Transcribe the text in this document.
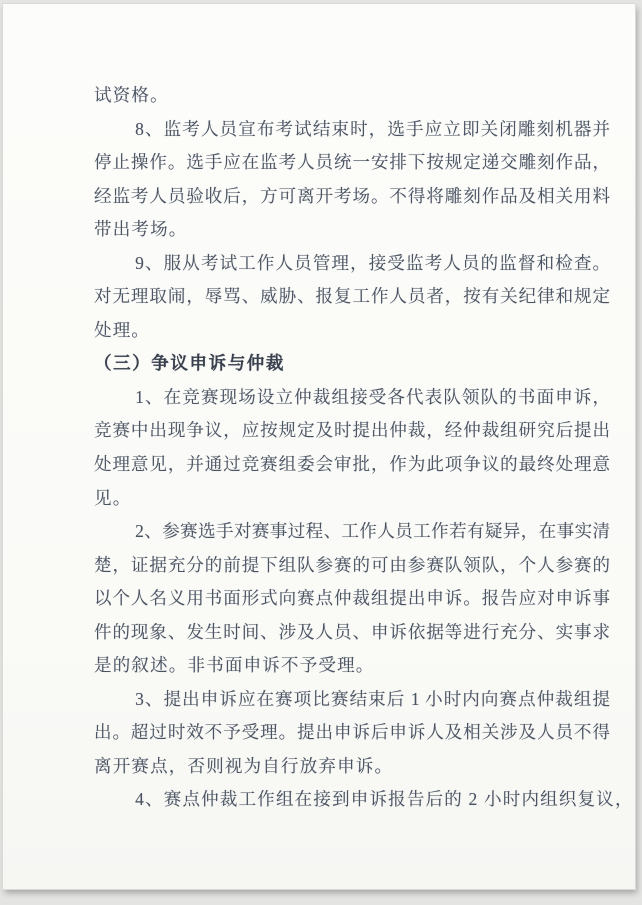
试资格。
8、监考人员宣布考试结束时，选手应立即关闭雕刻机器并
停止操作。选手应在监考人员统一安排下按规定递交雕刻作品，
经监考人员验收后，方可离开考场。不得将雕刻作品及相关用料
带出考场。
9、服从考试工作人员管理，接受监考人员的监督和检查。
对无理取闹，辱骂、威胁、报复工作人员者，按有关纪律和规定
处理。
（三）争议申诉与仲裁
1、在竞赛现场设立仲裁组接受各代表队领队的书面申诉，
竞赛中出现争议，应按规定及时提出仲裁，经仲裁组研究后提出
处理意见，并通过竞赛组委会审批，作为此项争议的最终处理意
见。
2、参赛选手对赛事过程、工作人员工作若有疑异，在事实清
楚，证据充分的前提下组队参赛的可由参赛队领队，个人参赛的
以个人名义用书面形式向赛点仲裁组提出申诉。报告应对申诉事
件的现象、发生时间、涉及人员、申诉依据等进行充分、实事求
是的叙述。非书面申诉不予受理。
3、提出申诉应在赛项比赛结束后 1 小时内向赛点仲裁组提
出。超过时效不予受理。提出申诉后申诉人及相关涉及人员不得
离开赛点，否则视为自行放弃申诉。
4、赛点仲裁工作组在接到申诉报告后的 2 小时内组织复议，
